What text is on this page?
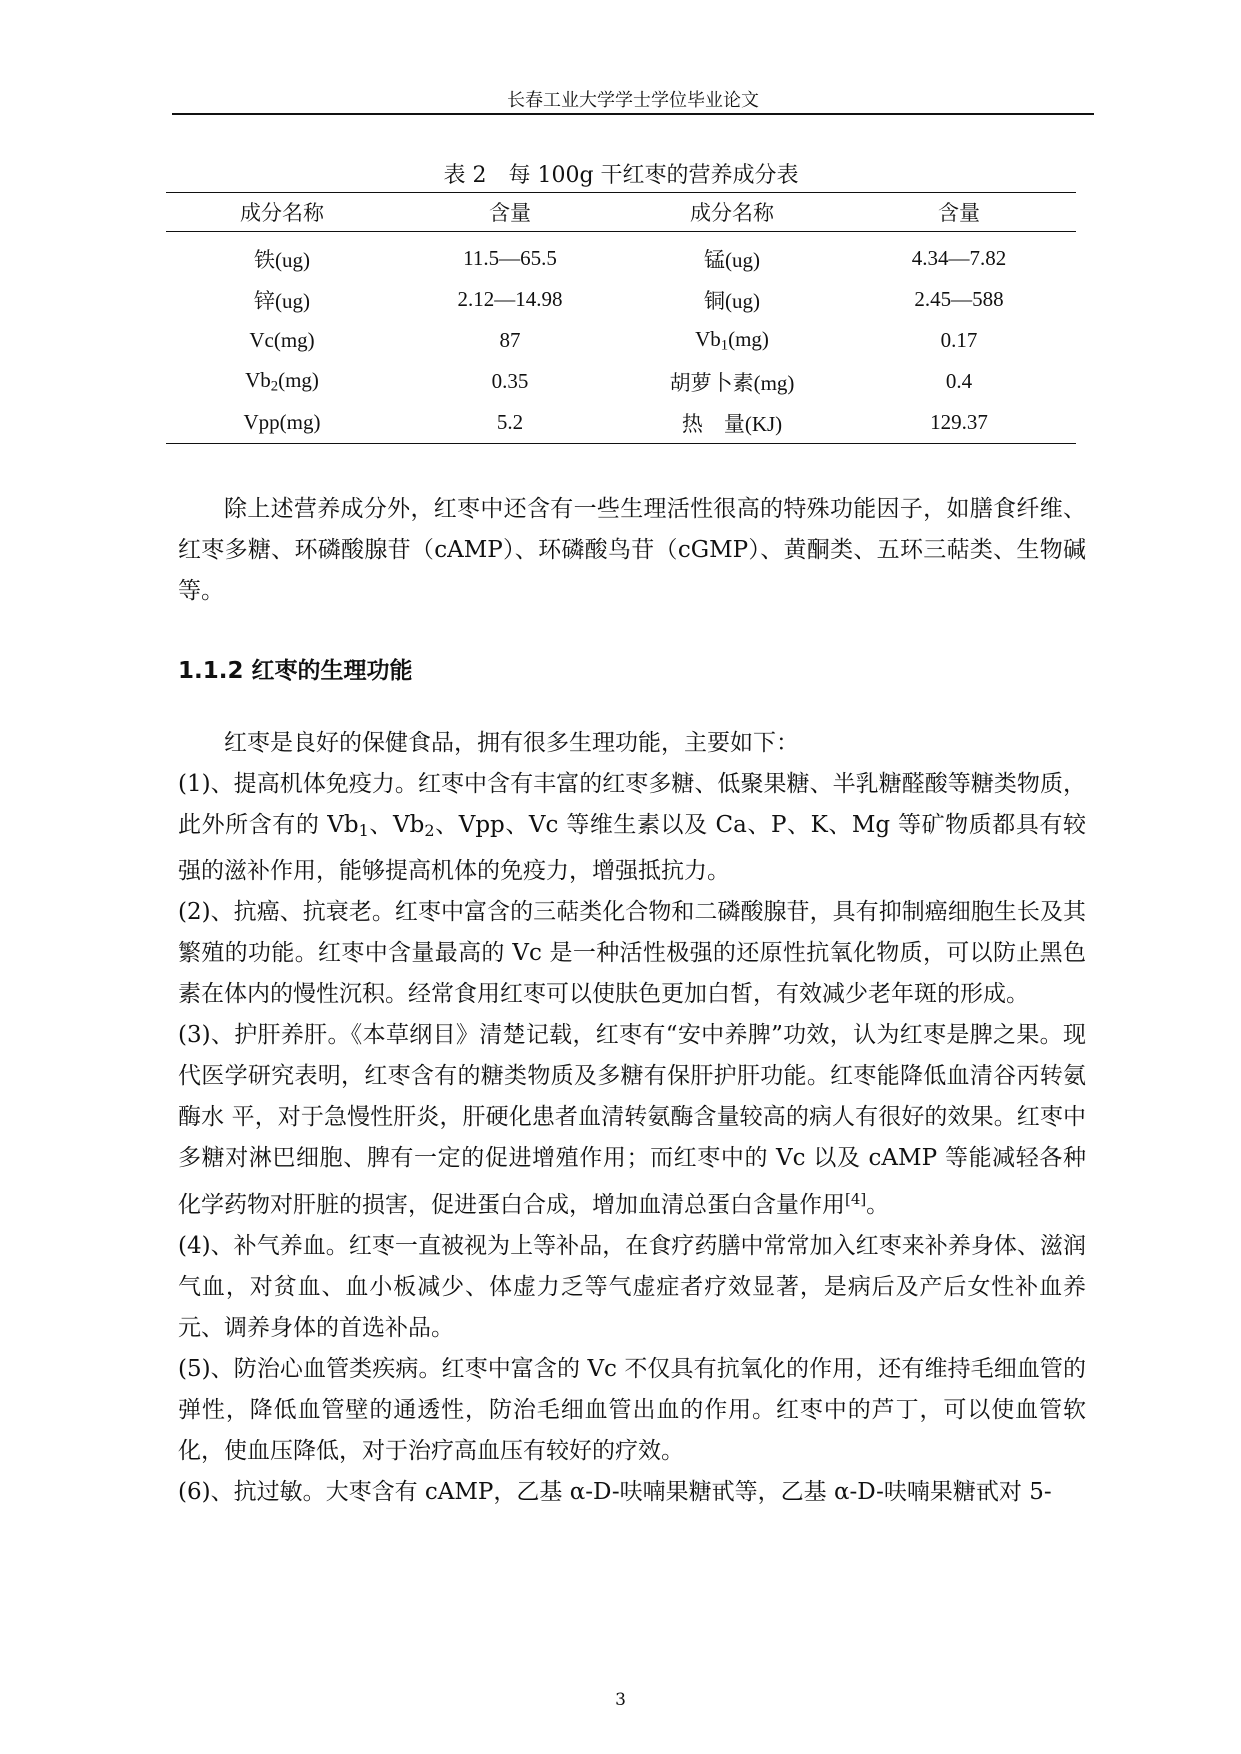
长春工业大学学士学位毕业论文
表 2　每 100g 干红枣的营养成分表
成分名称	含量	成分名称	含量
铁(ug)	11.5—65.5	锰(ug)	4.34—7.82
锌(ug)	2.12—14.98	铜(ug)	2.45—588
Vc(mg)	87	$Vb_1(mg)$	0.17
$Vb_2(mg)$	0.35	胡萝卜素(mg)	0.4
Vpp(mg)	5.2	热　量(KJ)	129.37

除上述营养成分外，红枣中还含有一些生理活性很高的特殊功能因子，如膳食纤维、红枣多糖、环磷酸腺苷（cAMP）、环磷酸鸟苷（cGMP）、黄酮类、五环三萜类、生物碱等。

1.1.2 红枣的生理功能

红枣是良好的保健食品，拥有很多生理功能，主要如下：

(1)、提高机体免疫力。红枣中含有丰富的红枣多糖、低聚果糖、半乳糖醛酸等糖类物质，此外所含有的 $Vb_1$、$Vb_2$、Vpp、Vc 等维生素以及 Ca、P、K、Mg 等矿物质都具有较强的滋补作用，能够提高机体的免疫力，增强抵抗力。

(2)、抗癌、抗衰老。红枣中富含的三萜类化合物和二磷酸腺苷，具有抑制癌细胞生长及其繁殖的功能。红枣中含量最高的 Vc 是一种活性极强的还原性抗氧化物质，可以防止黑色素在体内的慢性沉积。经常食用红枣可以使肤色更加白皙，有效减少老年斑的形成。

(3)、护肝养肝。《本草纲目》清楚记载，红枣有“安中养脾”功效，认为红枣是脾之果。现代医学研究表明，红枣含有的糖类物质及多糖有保肝护肝功能。红枣能降低血清谷丙转氨酶水 平，对于急慢性肝炎，肝硬化患者血清转氨酶含量较高的病人有很好的效果。红枣中多糖对淋巴细胞、脾有一定的促进增殖作用；而红枣中的 Vc 以及 cAMP 等能减轻各种化学药物对肝脏的损害，促进蛋白合成，增加血清总蛋白含量作用[4]。

(4)、补气养血。红枣一直被视为上等补品，在食疗药膳中常常加入红枣来补养身体、滋润气血，对贫血、血小板减少、体虚力乏等气虚症者疗效显著，是病后及产后女性补血养元、调养身体的首选补品。

(5)、防治心血管类疾病。红枣中富含的 Vc 不仅具有抗氧化的作用，还有维持毛细血管的弹性，降低血管壁的通透性，防治毛细血管出血的作用。红枣中的芦丁，可以使血管软化，使血压降低，对于治疗高血压有较好的疗效。

(6)、抗过敏。大枣含有 cAMP，乙基 α-D-呋喃果糖甙等，乙基 α-D-呋喃果糖甙对 5-

3
